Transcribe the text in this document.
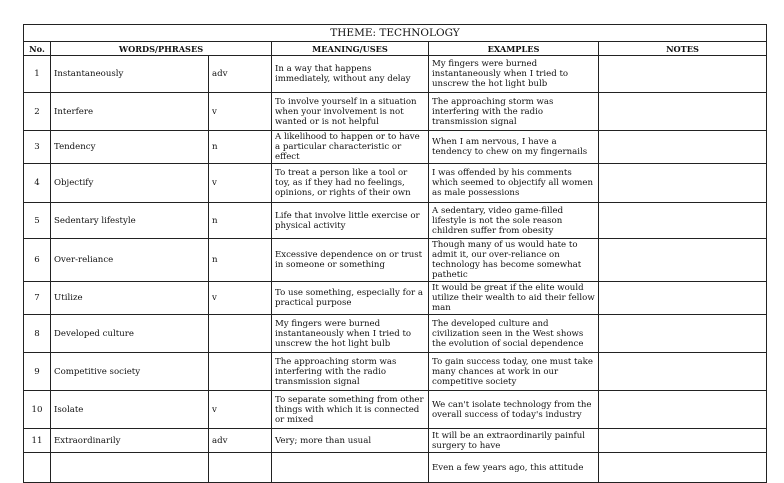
THEME: TECHNOLOGY					
No.	WORDS/PHRASES		MEANING/USES	EXAMPLES	NOTES
1	Instantaneously	adv	In a way that happens immediately, without any delay	My fingers were burned instantaneously when I tried to unscrew the hot light bulb	
2	Interfere	v	To involve yourself in a situation when your involvement is not wanted or is not helpful	The approaching storm was interfering with the radio transmission signal	
3	Tendency	n	A likelihood to happen or to have a particular characteristic or effect	When I am nervous, I have a tendency to chew on my fingernails	
4	Objectify	v	To treat a person like a tool or toy, as if they had no feelings, opinions, or rights of their own	I was offended by his comments which seemed to objectify all women as male possessions	
5	Sedentary lifestyle	n	Life that involve little exercise or physical activity	A sedentary, video game-filled lifestyle is not the sole reason children suffer from obesity	
6	Over-reliance	n	Excessive dependence on or trust in someone or something	Though many of us would hate to admit it, our over-reliance on technology has become somewhat pathetic	
7	Utilize	v	To use something, especially for a practical purpose	It would be great if the elite would utilize their wealth to aid their fellow man	
8	Developed culture		My fingers were burned instantaneously when I tried to unscrew the hot light bulb	The developed culture and civilization seen in the West shows the evolution of social dependence	
9	Competitive society		The approaching storm was interfering with the radio transmission signal	To gain success today, one must take many chances at work in our competitive society	
10	Isolate	v	To separate something from other things with which it is connected or mixed	We can't isolate technology from the overall success of today's industry	
11	Extraordinarily	adv	Very; more than usual	It will be an extraordinarily painful surgery to have	
				Even a few years ago, this attitude	
